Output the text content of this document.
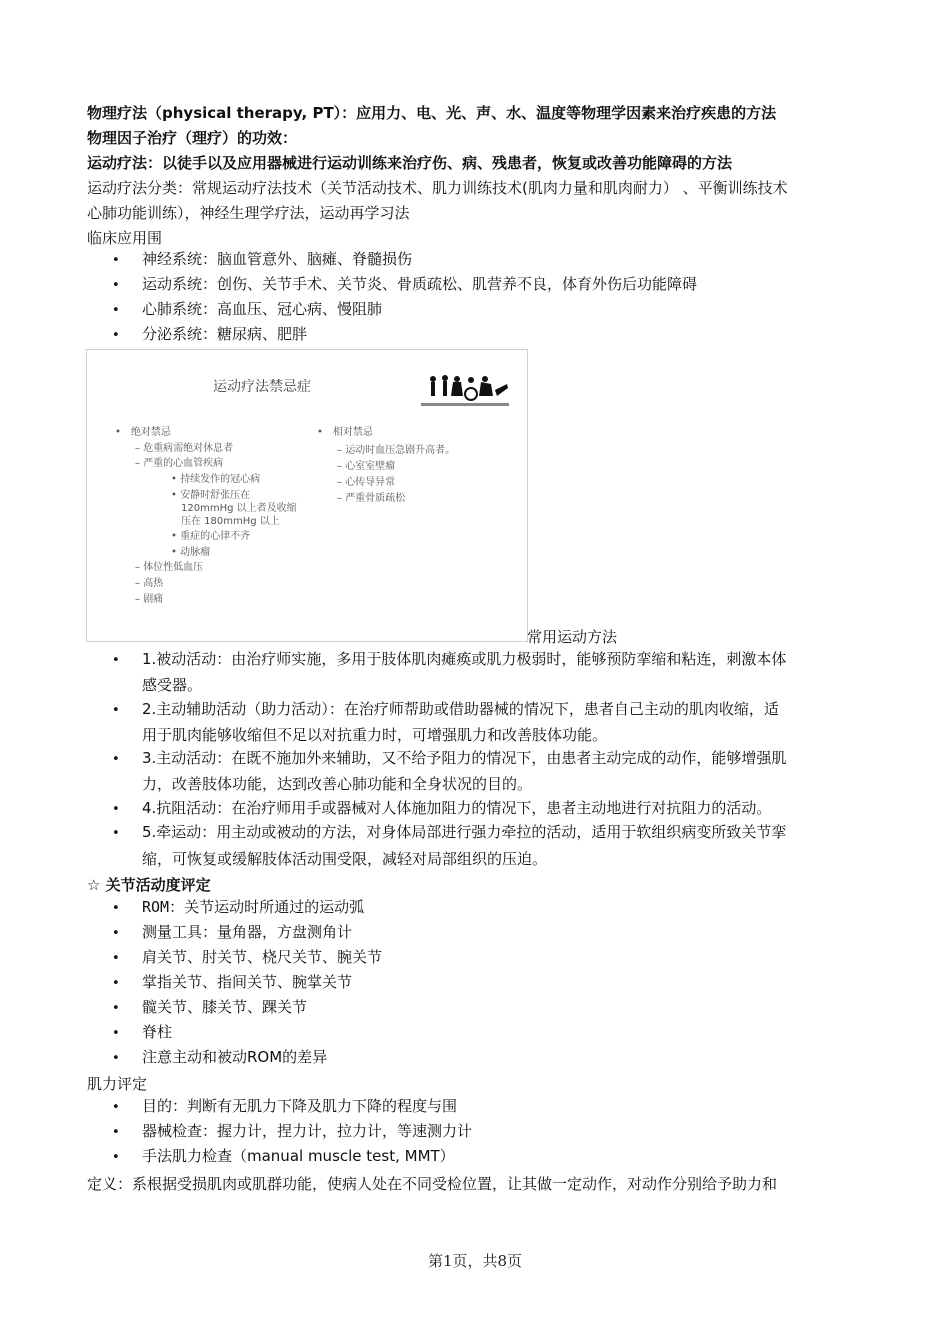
物理疗法（physical therapy, PT）：应用力、电、光、声、水、温度等物理学因素来治疗疾患的方法
物理因子治疗（理疗）的功效：
运动疗法：以徒手以及应用器械进行运动训练来治疗伤、病、残患者，恢复或改善功能障碍的方法
运动疗法分类：常规运动疗法技术（关节活动技术、肌力训练技术(肌肉力量和肌肉耐力） 、平衡训练技术
心肺功能训练），神经生理学疗法，运动再学习法
临床应用围
• 神经系统：脑血管意外、脑瘫、脊髓损伤
• 运动系统：创伤、关节手术、关节炎、骨质疏松、肌营养不良，体育外伤后功能障碍
• 心肺系统：高血压、冠心病、慢阻肺
• 分泌系统：糖尿病、肥胖
运动疗法禁忌症
• 绝对禁忌
– 危重病需绝对休息者
– 严重的心血管疾病
• 持续发作的冠心病
• 安静时舒张压在
120mmHg 以上者及收缩
压在 180mmHg 以上
• 重症的心律不齐
• 动脉瘤
– 体位性低血压
– 高热
– 剧痛
• 相对禁忌
– 运动时血压急剧升高者。
– 心室室壁瘤
– 心传导异常
– 严重骨质疏松
常用运动方法
• 1.被动活动：由治疗师实施，多用于肢体肌肉瘫痪或肌力极弱时，能够预防挛缩和粘连，刺激本体
感受器。
• 2.主动辅助活动（助力活动）：在治疗师帮助或借助器械的情况下，患者自己主动的肌肉收缩，适
用于肌肉能够收缩但不足以对抗重力时，可增强肌力和改善肢体功能。
• 3.主动活动：在既不施加外来辅助，又不给予阻力的情况下，由患者主动完成的动作，能够增强肌
力，改善肢体功能，达到改善心肺功能和全身状况的目的。
• 4.抗阻活动：在治疗师用手或器械对人体施加阻力的情况下，患者主动地进行对抗阻力的活动。
• 5.牵运动：用主动或被动的方法，对身体局部进行强力牵拉的活动，适用于软组织病变所致关节挛
缩，可恢复或缓解肢体活动围受限，减轻对局部组织的压迫。
☆ 关节活动度评定
• ROM：关节运动时所通过的运动弧
• 测量工具：量角器，方盘测角计
• 肩关节、肘关节、桡尺关节、腕关节
• 掌指关节、指间关节、腕掌关节
• 髋关节、膝关节、踝关节
• 脊柱
• 注意主动和被动ROM的差异
肌力评定
• 目的：判断有无肌力下降及肌力下降的程度与围
• 器械检查：握力计，捏力计，拉力计，等速测力计
• 手法肌力检查（manual muscle test, MMT）
定义：系根据受损肌肉或肌群功能，使病人处在不同受检位置，让其做一定动作，对动作分别给予助力和
第1页，共8页
